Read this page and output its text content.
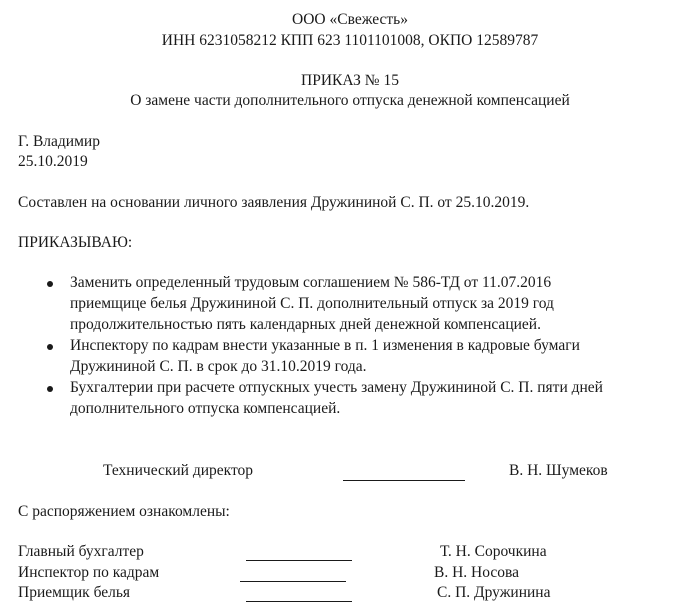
ООО «Свежесть»
ИНН 6231058212 КПП 623 1101101008, ОКПО 12589787
ПРИКАЗ № 15
О замене части дополнительного отпуска денежной компенсацией
Г. Владимир
25.10.2019
Составлен на основании личного заявления Дружининой С. П. от 25.10.2019.
ПРИКАЗЫВАЮ:
Заменить определенный трудовым соглашением № 586-ТД от 11.07.2016
приемщице белья Дружининой С. П. дополнительный отпуск за 2019 год
продолжительностью пять календарных дней денежной компенсацией.
Инспектору по кадрам внести указанные в п. 1 изменения в кадровые бумаги
Дружининой С. П. в срок до 31.10.2019 года.
Бухгалтерии при расчете отпускных учесть замену Дружининой С. П. пяти дней
дополнительного отпуска компенсацией.
Технический директор	В. Н. Шумеков
С распоряжением ознакомлены:
Главный бухгалтер	Т. Н. Сорочкина
Инспектор по кадрам	В. Н. Носова
Приемщик белья	С. П. Дружинина
